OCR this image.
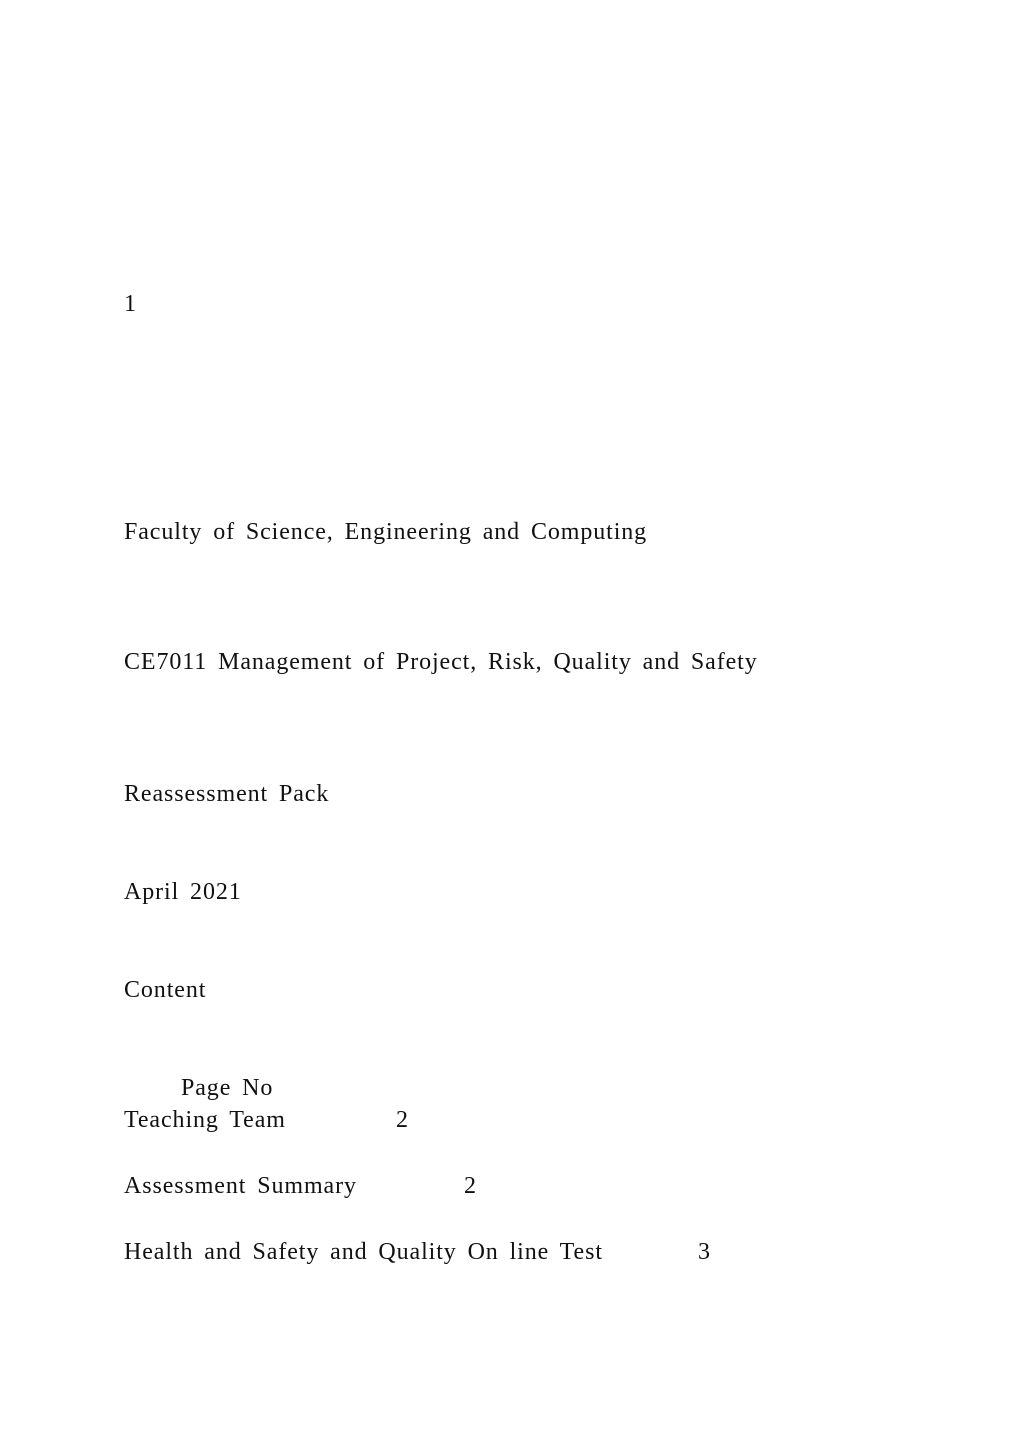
1
Faculty of Science, Engineering and Computing
CE7011 Management of Project, Risk, Quality and Safety
Reassessment Pack
April 2021
Content
Page No
Teaching Team	2
Assessment Summary	2
Health and Safety and Quality On line Test	3
